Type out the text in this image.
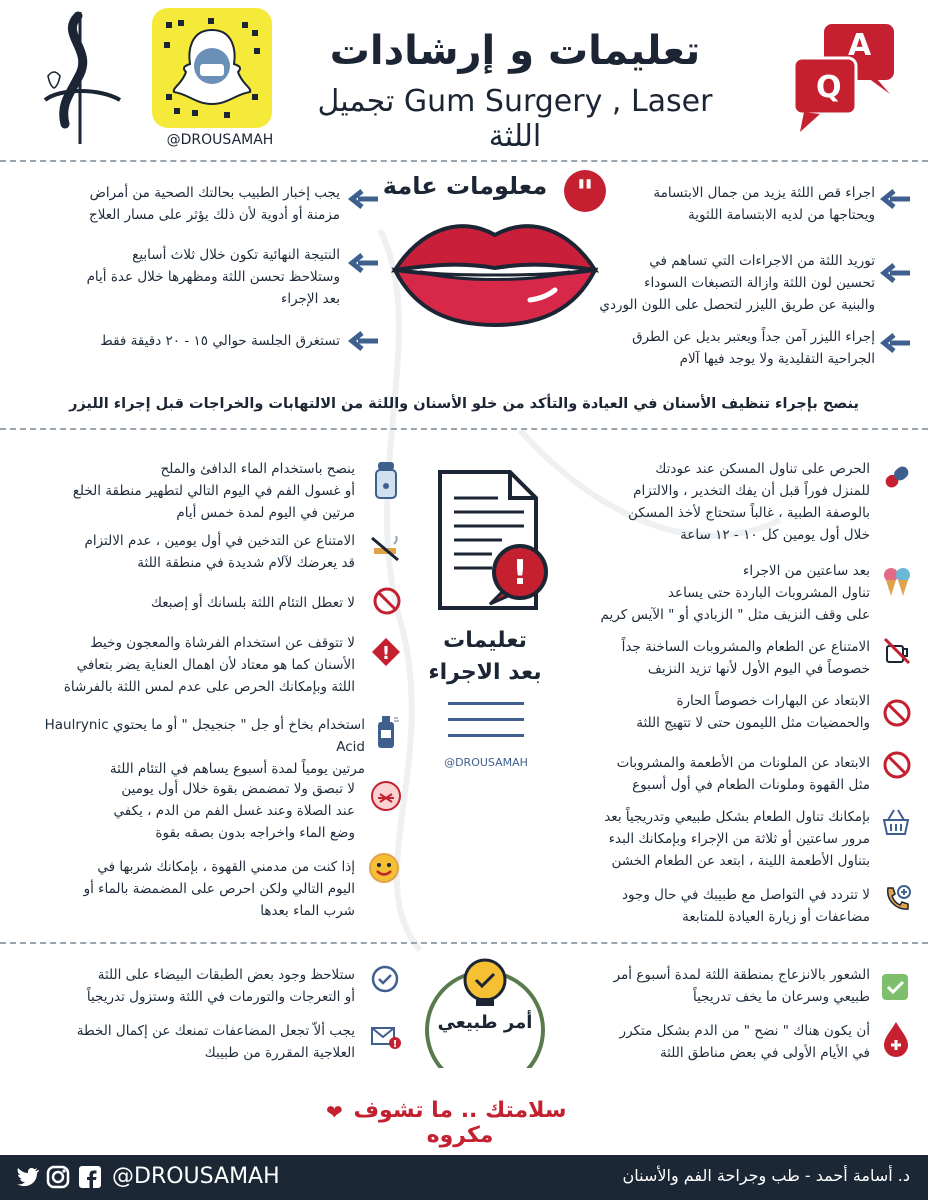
@DROUSAMAH
تعليمات و إرشادات
Gum Surgery , Laser تجميل اللثة
A
Q
معلومات عامة "	اجراء قص اللثة يزيد من جمال الابتسامة
ويحتاجها من لديه الابتسامة اللثوية
توريد اللثة من الاجراءات التي تساهم في
تحسين لون اللثة وازالة التصبغات السوداء
والبنية عن طريق الليزر لتحصل على اللون الوردي
إجراء الليزر آمن جداً ويعتبر بديل عن الطرق
الجراحية التقليدية ولا يوجد فيها آلام
يجب إخبار الطبيب بحالتك الصحية من أمراض
مزمنة أو أدوية لأن ذلك يؤثر على مسار العلاج
النتيجة النهائية تكون خلال ثلاث أسابيع
وستلاحظ تحسن اللثة ومظهرها خلال عدة أيام
بعد الإجراء
تستغرق الجلسة حوالي ١٥ - ٢٠ دقيقة فقط
ينصح بإجراء تنظيف الأسنان في العيادة والتأكد من خلو الأسنان واللثة من الالتهابات والخراجات قبل إجراء الليزر
!
تعليمات
بعد الاجراء
@DROUSAMAH
الحرص على تناول المسكن عند عودتك
للمنزل فوراً قبل أن يفك التخدير ، والالتزام
بالوصفة الطبية ، غالباً ستحتاج لأخذ المسكن
خلال أول يومين كل ١٠ - ١٢ ساعة
بعد ساعتين من الاجراء
تناول المشروبات الباردة حتى يساعد
على وقف النزيف مثل " الزبادي أو " الآيس كريم
الامتناع عن الطعام والمشروبات الساخنة جداً
خصوصاً في اليوم الأول لأنها تزيد النزيف
الابتعاد عن البهارات خصوصاً الحارة
والحمضيات مثل الليمون حتى لا تتهيج اللثة
الابتعاد عن الملونات من الأطعمة والمشروبات
مثل القهوة وملونات الطعام في أول أسبوع
بإمكانك تناول الطعام بشكل طبيعي وتدريجياً بعد
مرور ساعتين أو ثلاثة من الإجراء وبإمكانك البدء
بتناول الأطعمة اللينة ، ابتعد عن الطعام الخشن
لا تتردد في التواصل مع طبيبك في حال وجود
مضاعفات أو زيارة العيادة للمتابعة
ينصح باستخدام الماء الدافئ والملح
أو غسول الفم في اليوم التالي لتطهير منطقة الخلع
مرتين في اليوم لمدة خمس أيام
الامتناع عن التدخين في أول يومين ، عدم الالتزام
قد يعرضك لآلام شديدة في منطقة اللثة
لا تعطل التئام اللثة بلسانك أو إصبعك
لا تتوقف عن استخدام الفرشاة والمعجون وخيط
الأسنان كما هو معتاد لأن اهمال العناية يضر بتعافي
اللثة وبإمكانك الحرص على عدم لمس اللثة بالفرشاة
استخدام بخاخ أو جل " جنجيجل " أو ما يحتوي Haulrynic Acid
مرتين يومياً لمدة أسبوع يساهم في التئام اللثة
لا تبصق ولا تمضمض بقوة خلال أول يومين
عند الصلاة وعند غسل الفم من الدم ، يكفي
وضع الماء واخراجه بدون بصقه بقوة
إذا كنت من مدمني القهوة ، بإمكانك شربها في
اليوم التالي ولكن احرص على المضمضة بالماء أو
شرب الماء بعدها
!
أمر طبيعي
الشعور بالانزعاج بمنطقة اللثة لمدة أسبوع أمر
طبيعي وسرعان ما يخف تدريجياً
أن يكون هناك " نضح " من الدم بشكل متكرر
في الأيام الأولى في بعض مناطق اللثة
ستلاحظ وجود بعض الطبقات البيضاء على اللثة
أو التعرجات والتورمات في اللثة وستزول تدريجياً
يجب ألاّ تجعل المضاعفات تمنعك عن إكمال الخطة
العلاجية المقررة من طبيبك
!
سلامتك .. ما تشوف مكروه
❤
@DROUSAMAH	د. أسامة أحمد - طب وجراحة الفم والأسنان
